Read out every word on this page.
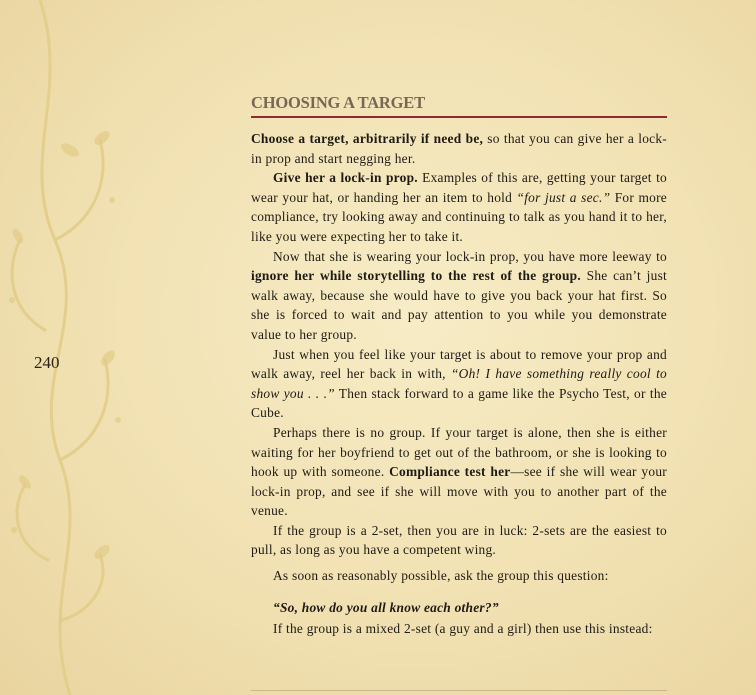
240
CHOOSING A TARGET

Choose a target, arbitrarily if need be, so that you can give her a lock-in prop and start negging her.

Give her a lock-in prop. Examples of this are, getting your target to wear your hat, or handing her an item to hold “for just a sec.” For more compliance, try looking away and continuing to talk as you hand it to her, like you were expecting her to take it.

Now that she is wearing your lock-in prop, you have more leeway to ignore her while storytelling to the rest of the group. She can’t just walk away, because she would have to give you back your hat first. So she is forced to wait and pay attention to you while you demonstrate value to her group.

Just when you feel like your target is about to remove your prop and walk away, reel her back in with, “Oh! I have something really cool to show you . . .” Then stack forward to a game like the Psycho Test, or the Cube.

Perhaps there is no group. If your target is alone, then she is either waiting for her boyfriend to get out of the bathroom, or she is looking to hook up with someone. Compliance test her—see if she will wear your lock-in prop, and see if she will move with you to another part of the venue.

If the group is a 2-set, then you are in luck: 2-sets are the easiest to pull, as long as you have a competent wing.

As soon as reasonably possible, ask the group this question:

“So, how do you all know each other?”

If the group is a mixed 2-set (a guy and a girl) then use this instead:
